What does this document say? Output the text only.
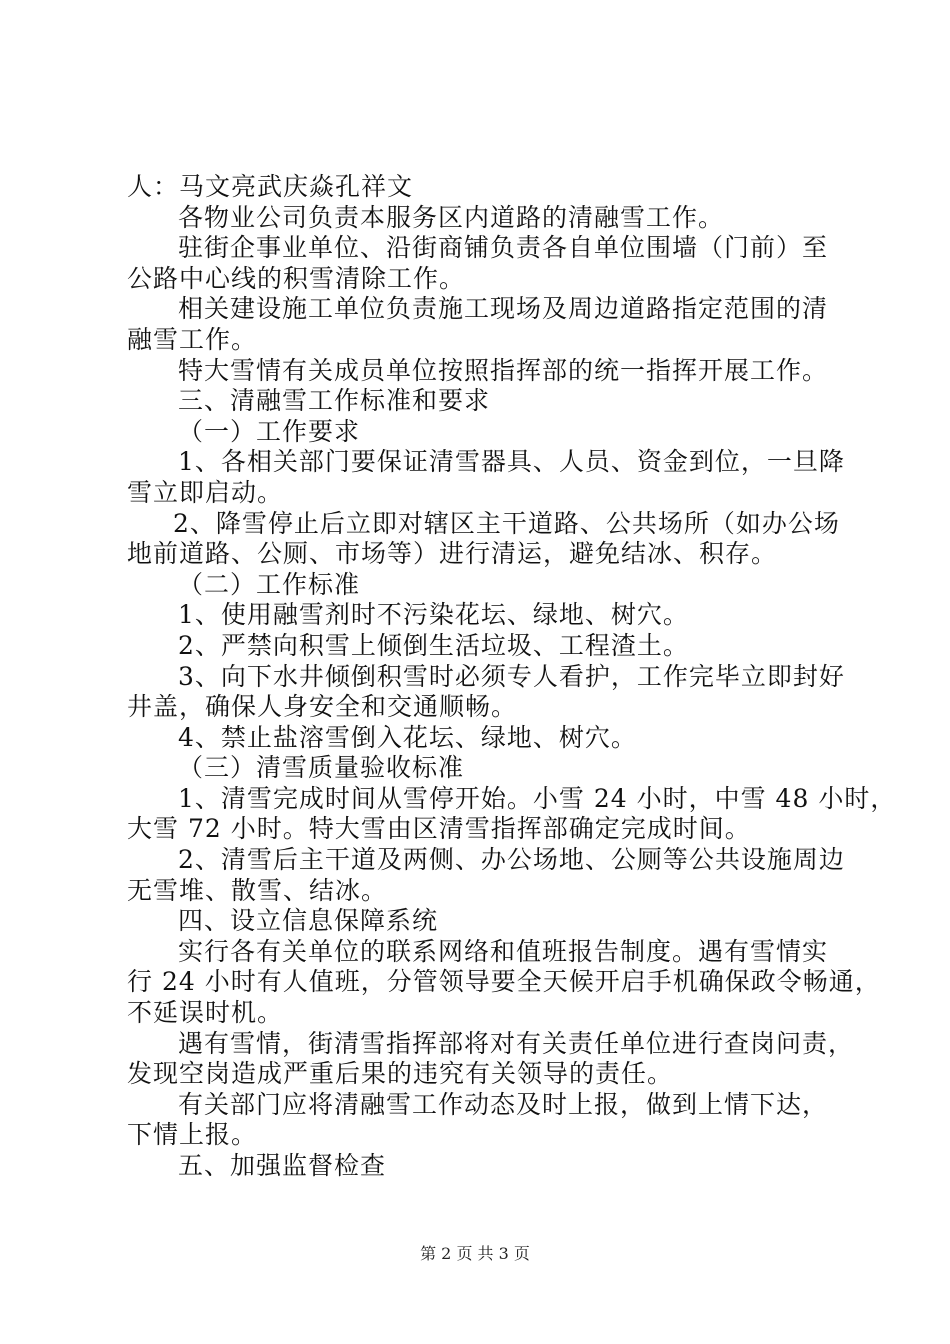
人：马文亮武庆焱孔祥文
各物业公司负责本服务区内道路的清融雪工作。
驻街企事业单位、沿街商铺负责各自单位围墙（门前）至
公路中心线的积雪清除工作。
相关建设施工单位负责施工现场及周边道路指定范围的清
融雪工作。
特大雪情有关成员单位按照指挥部的统一指挥开展工作。
三、清融雪工作标准和要求
（一）工作要求
1、各相关部门要保证清雪器具、人员、资金到位，一旦降
雪立即启动。
2、降雪停止后立即对辖区主干道路、公共场所（如办公场
地前道路、公厕、市场等）进行清运，避免结冰、积存。
（二）工作标准
1、使用融雪剂时不污染花坛、绿地、树穴。
2、严禁向积雪上倾倒生活垃圾、工程渣土。
3、向下水井倾倒积雪时必须专人看护，工作完毕立即封好
井盖，确保人身安全和交通顺畅。
4、禁止盐溶雪倒入花坛、绿地、树穴。
（三）清雪质量验收标准
1、清雪完成时间从雪停开始。小雪 24 小时，中雪 48 小时，
大雪 72 小时。特大雪由区清雪指挥部确定完成时间。
2、清雪后主干道及两侧、办公场地、公厕等公共设施周边
无雪堆、散雪、结冰。
四、设立信息保障系统
实行各有关单位的联系网络和值班报告制度。遇有雪情实
行 24 小时有人值班，分管领导要全天候开启手机确保政令畅通，
不延误时机。
遇有雪情，街清雪指挥部将对有关责任单位进行查岗问责，
发现空岗造成严重后果的违究有关领导的责任。
有关部门应将清融雪工作动态及时上报，做到上情下达，
下情上报。
五、加强监督检查
第 2 页 共 3 页
